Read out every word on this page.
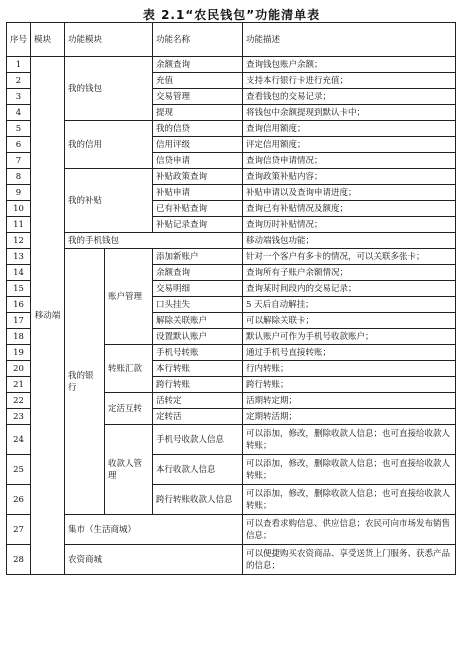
表 2.1“农民钱包”功能清单表
序号	模块	功能模块		功能名称	功能描述
1	移动端	我的钱包		余额查询	查询钱包账户余额；
2				充值	支持本行银行卡进行充值；
3				交易管理	查看钱包的交易记录；
4				提现	将钱包中余额提现到默认卡中；
5		我的信用		我的信贷	查询信用额度；
6				信用评级	评定信用额度；
7				信贷申请	查询信贷申请情况；
8		我的补贴		补贴政策查询	查询政策补贴内容；
9				补贴申请	补贴申请以及查询申请进度；
10				已有补贴查询	查询已有补贴情况及额度；
11				补贴记录查询	查询历时补贴情况；
12		我的手机钱包			移动端钱包功能；
13		我的银行	账户管理	添加新账户	针对一个客户有多卡的情况，可以关联多张卡；
14				余额查询	查询所有子账户余额情况；
15				交易明细	查询某时间段内的交易记录；
16				口头挂失	5 天后自动解挂；
17				解除关联账户	可以解除关联卡；
18				设置默认账户	默认账户可作为手机号收款账户；
19			转账汇款	手机号转账	通过手机号直接转账；
20				本行转账	行内转账；
21				跨行转账	跨行转账；
22			定活互转	活转定	活期转定期；
23				定转活	定期转活期；
24			收款人管理	手机号收款人信息	可以添加，修改，删除收款人信息；也可直接给收款人转账；
25				本行收款人信息	可以添加，修改，删除收款人信息；也可直接给收款人转账；
26				跨行转账收款人信息	可以添加，修改，删除收款人信息；也可直接给收款人转账；
27		集市（生活商城）			可以查看求购信息、供应信息；农民可向市场发布销售信息；
28		农资商城			可以便捷购买农资商品、享受送货上门服务、获悉产品的信息；
